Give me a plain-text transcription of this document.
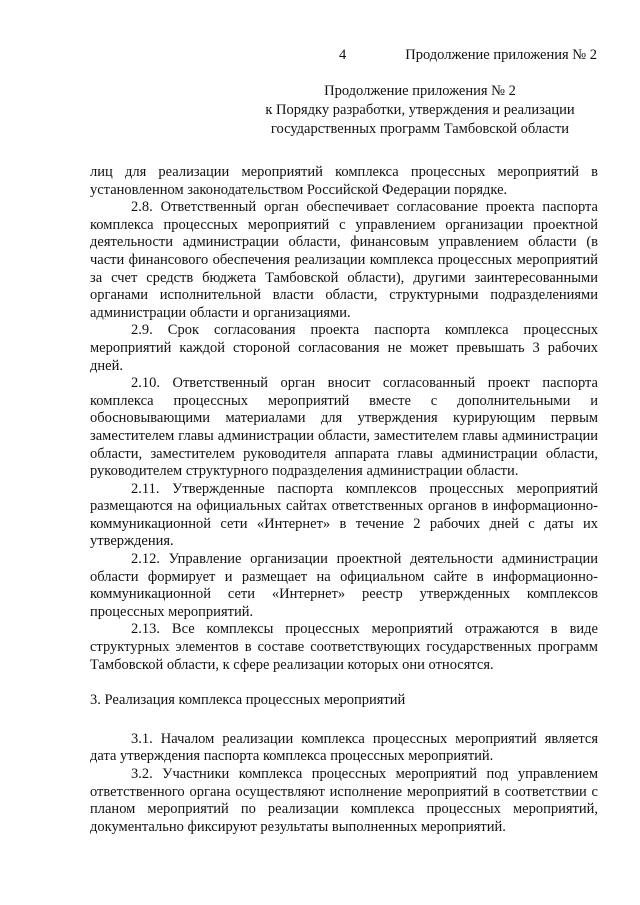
4	Продолжение приложения № 2
Продолжение приложения № 2
к Порядку разработки, утверждения и реализации
государственных программ Тамбовской области

лиц для реализации мероприятий комплекса процессных мероприятий в установленном законодательством Российской Федерации порядке.

2.8. Ответственный орган обеспечивает согласование проекта паспорта комплекса процессных мероприятий с управлением организации проектной деятельности администрации области, финансовым управлением области (в части финансового обеспечения реализации комплекса процессных мероприятий за счет средств бюджета Тамбовской области), другими заинтересованными органами исполнительной власти области, структурными подразделениями администрации области и организациями.

2.9. Срок согласования проекта паспорта комплекса процессных мероприятий каждой стороной согласования не может превышать 3 рабочих дней.

2.10. Ответственный орган вносит согласованный проект паспорта комплекса процессных мероприятий вместе с дополнительными и обосновывающими материалами для утверждения курирующим первым заместителем главы администрации области, заместителем главы администрации области, заместителем руководителя аппарата главы администрации области, руководителем структурного подразделения администрации области.

2.11. Утвержденные паспорта комплексов процессных мероприятий размещаются на официальных сайтах ответственных органов в информационно-коммуникационной сети «Интернет» в течение 2 рабочих дней с даты их утверждения.

2.12. Управление организации проектной деятельности администрации области формирует и размещает на официальном сайте в информационно-коммуникационной сети «Интернет» реестр утвержденных комплексов процессных мероприятий.

2.13. Все комплексы процессных мероприятий отражаются в виде структурных элементов в составе соответствующих государственных программ Тамбовской области, к сфере реализации которых они относятся.

3. Реализация комплекса процессных мероприятий

3.1. Началом реализации комплекса процессных мероприятий является дата утверждения паспорта комплекса процессных мероприятий.

3.2. Участники комплекса процессных мероприятий под управлением ответственного органа осуществляют исполнение мероприятий в соответствии с планом мероприятий по реализации комплекса процессных мероприятий, документально фиксируют результаты выполненных мероприятий.
